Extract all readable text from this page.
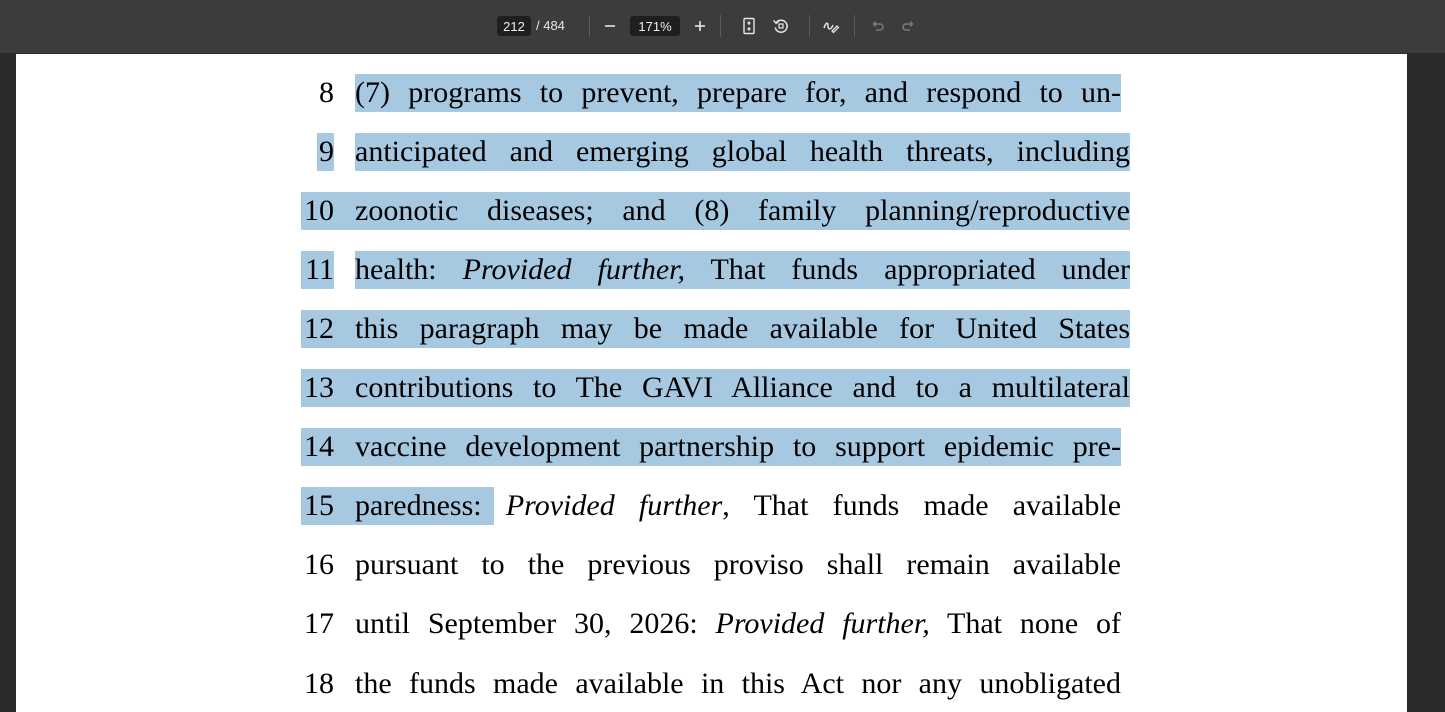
212
/ 484
171%
8 (7) programs to prevent, prepare for, and respond to un-
9 anticipated and emerging global health threats, including
10 zoonotic diseases; and (8) family planning/reproductive
11 health: Provided further, That funds appropriated under
12 this paragraph may be made available for United States
13 contributions to The GAVI Alliance and to a multilateral
14 vaccine development partnership to support epidemic pre-
15 paredness: Provided further, That funds made available
16 pursuant to the previous proviso shall remain available
17 until September 30, 2026: Provided further, That none of
18 the funds made available in this Act nor any unobligated
